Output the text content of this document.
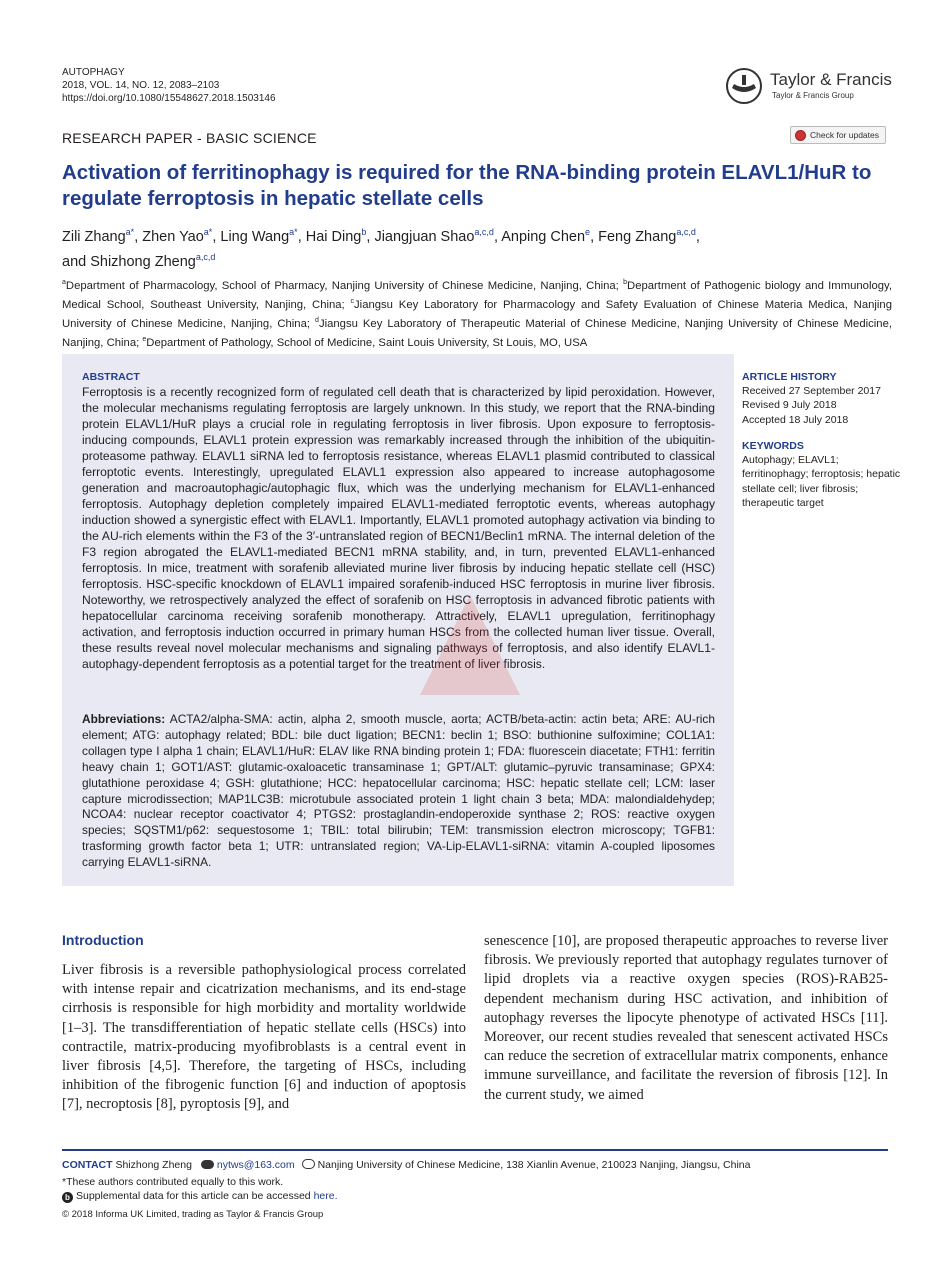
AUTOPHAGY
2018, VOL. 14, NO. 12, 2083–2103
https://doi.org/10.1080/15548627.2018.1503146
Taylor & Francis
Taylor & Francis Group
RESEARCH PAPER - BASIC SCIENCE	Check for updates
Activation of ferritinophagy is required for the RNA-binding protein ELAVL1/HuR to regulate ferroptosis in hepatic stellate cells
Zili Zhang$^{a*}$, Zhen Yao$^{a*}$, Ling Wang$^{a*}$, Hai Ding$^b$, Jiangjuan Shao$^{a,c,d}$, Anping Chen$^e$, Feng Zhang$^{a,c,d}$,
and Shizhong Zheng$^{a,c,d}$
$^a$Department of Pharmacology, School of Pharmacy, Nanjing University of Chinese Medicine, Nanjing, China; $^b$Department of Pathogenic biology and Immunology, Medical School, Southeast University, Nanjing, China; $^c$Jiangsu Key Laboratory for Pharmacology and Safety Evaluation of Chinese Materia Medica, Nanjing University of Chinese Medicine, Nanjing, China; $^d$Jiangsu Key Laboratory of Therapeutic Material of Chinese Medicine, Nanjing University of Chinese Medicine, Nanjing, China; $^e$Department of Pathology, School of Medicine, Saint Louis University, St Louis, MO, USA
ABSTRACT
Ferroptosis is a recently recognized form of regulated cell death that is characterized by lipid peroxidation. However, the molecular mechanisms regulating ferroptosis are largely unknown. In this study, we report that the RNA-binding protein ELAVL1/HuR plays a crucial role in regulating ferroptosis in liver fibrosis. Upon exposure to ferroptosis-inducing compounds, ELAVL1 protein expression was remarkably increased through the inhibition of the ubiquitin-proteasome pathway. ELAVL1 siRNA led to ferroptosis resistance, whereas ELAVL1 plasmid contributed to classical ferroptotic events. Interestingly, upregulated ELAVL1 expression also appeared to increase autophagosome generation and macroautophagic/autophagic flux, which was the underlying mechanism for ELAVL1-enhanced ferroptosis. Autophagy depletion completely impaired ELAVL1-mediated ferroptotic events, whereas autophagy induction showed a synergistic effect with ELAVL1. Importantly, ELAVL1 promoted autophagy activation via binding to the AU-rich elements within the F3 of the 3′-untranslated region of BECN1/Beclin1 mRNA. The internal deletion of the F3 region abrogated the ELAVL1-mediated BECN1 mRNA stability, and, in turn, prevented ELAVL1-enhanced ferroptosis. In mice, treatment with sorafenib alleviated murine liver fibrosis by inducing hepatic stellate cell (HSC) ferroptosis. HSC-specific knockdown of ELAVL1 impaired sorafenib-induced HSC ferroptosis in murine liver fibrosis. Noteworthy, we retrospectively analyzed the effect of sorafenib on HSC ferroptosis in advanced fibrotic patients with hepatocellular carcinoma receiving sorafenib monotherapy. Attractively, ELAVL1 upregulation, ferritinophagy activation, and ferroptosis induction occurred in primary human HSCs from the collected human liver tissue. Overall, these results reveal novel molecular mechanisms and signaling pathways of ferroptosis, and also identify ELAVL1-autophagy-dependent ferroptosis as a potential target for the treatment of liver fibrosis.
Abbreviations: ACTA2/alpha-SMA: actin, alpha 2, smooth muscle, aorta; ACTB/beta-actin: actin beta; ARE: AU-rich element; ATG: autophagy related; BDL: bile duct ligation; BECN1: beclin 1; BSO: buthionine sulfoximine; COL1A1: collagen type I alpha 1 chain; ELAVL1/HuR: ELAV like RNA binding protein 1; FDA: fluorescein diacetate; FTH1: ferritin heavy chain 1; GOT1/AST: glutamic-oxaloacetic transaminase 1; GPT/ALT: glutamic–pyruvic transaminase; GPX4: glutathione peroxidase 4; GSH: glutathione; HCC: hepatocellular carcinoma; HSC: hepatic stellate cell; LCM: laser capture microdissection; MAP1LC3B: microtubule associated protein 1 light chain 3 beta; MDA: malondialdehydep; NCOA4: nuclear receptor coactivator 4; PTGS2: prostaglandin-endoperoxide synthase 2; ROS: reactive oxygen species; SQSTM1/p62: sequestosome 1; TBIL: total bilirubin; TEM: transmission electron microscopy; TGFB1: trasforming growth factor beta 1; UTR: untranslated region; VA-Lip-ELAVL1-siRNA: vitamin A-coupled liposomes carrying ELAVL1-siRNA.
ARTICLE HISTORY
Received 27 September 2017
Revised 9 July 2018
Accepted 18 July 2018
KEYWORDS
Autophagy; ELAVL1; ferritinophagy; ferroptosis; hepatic stellate cell; liver fibrosis; therapeutic target
Introduction
Liver fibrosis is a reversible pathophysiological process correlated with intense repair and cicatrization mechanisms, and its end-stage cirrhosis is responsible for high morbidity and mortality worldwide [1–3]. The transdifferentiation of hepatic stellate cells (HSCs) into contractile, matrix-producing myofibroblasts is a central event in liver fibrosis [4,5]. Therefore, the targeting of HSCs, including inhibition of the fibrogenic function [6] and induction of apoptosis [7], necroptosis [8], pyroptosis [9], and
senescence [10], are proposed therapeutic approaches to reverse liver fibrosis. We previously reported that autophagy regulates turnover of lipid droplets via a reactive oxygen species (ROS)-RAB25-dependent mechanism during HSC activation, and inhibition of autophagy reverses the lipocyte phenotype of activated HSCs [11]. Moreover, our recent studies revealed that senescent activated HSCs can reduce the secretion of extracellular matrix components, enhance immune surveillance, and facilitate the reversion of fibrosis [12]. In the current study, we aimed
CONTACT Shizhong Zheng nytws@163.com Nanjing University of Chinese Medicine, 138 Xianlin Avenue, 210023 Nanjing, Jiangsu, China
*These authors contributed equally to this work.
b Supplemental data for this article can be accessed here.
© 2018 Informa UK Limited, trading as Taylor & Francis Group
